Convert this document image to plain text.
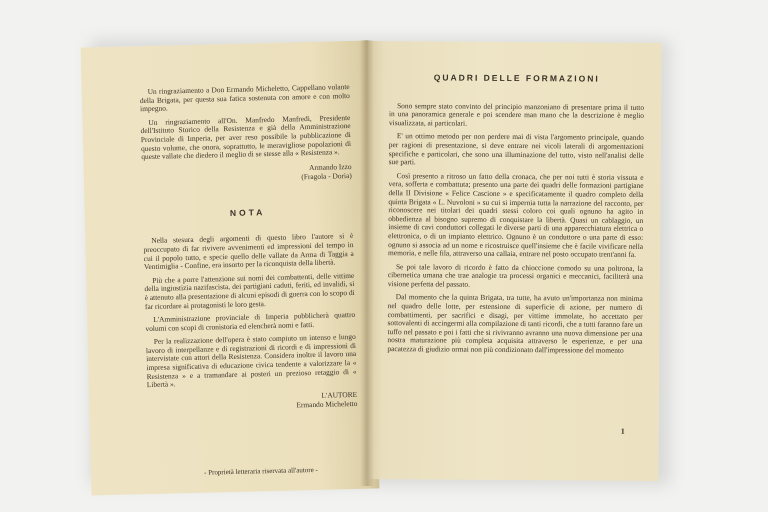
Un ringraziamento a Don Ermando Micheletto, Cappellano volante della Brigata, per questa sua fatica sostenuta con amore e con molto impegno.

Un ringraziamento all'On. Manfredo Manfredi, Presidente dell'Istituto Storico della Resistenza e già della Amministrazione Provinciale di Imperia, per aver reso possibile la pubblicazione di questo volume, che onora, soprattutto, le meravigliose popolazioni di queste vallate che diedero il meglio di se stesse alla « Resistenza ».

Armando Izzo
(Fragola - Doria)
NOTA

Nella stesura degli argomenti di questo libro l'autore si è preoccupato di far rivivere avvenimenti ed impressioni del tempo in cui il popolo tutto, e specie quello delle vallate da Arma di Taggia a Ventimiglia - Confine, era insorto per la riconquista della libertà.

Più che a porre l'attenzione sui nomi dei combattenti, delle vittime della ingiustizia nazifascista, dei partigiani caduti, feriti, ed invalidi, si è attenuto alla presentazione di alcuni episodi di guerra con lo scopo di far ricordare ai protagonisti le loro gesta.

L'Amministrazione provinciale di Imperia pubblicherà quattro volumi con scopi di cronistoria ed elencherà nomi e fatti.

Per la realizzazione dell'opera è stato compiuto un intenso e lungo lavoro di interpellanze e di registrazioni di ricordi e di impressioni di intervistate con attori della Resistenza. Considera inoltre il lavoro una impresa significativa di educazione civica tendente a valorizzare la « Resistenza » e a tramandare ai posteri un prezioso retaggio di « Libertà ».

L'AUTORE
Ermando Micheletto
- Proprietà letteraria riservata all'autore -
QUADRI DELLE FORMAZIONI

Sono sempre stato convinto del principio manzoniano di presentare prima il tutto in una panoramica generale e poi scendere man mano che la descrizione è meglio visualizzata, ai particolari.

E' un ottimo metodo per non perdere mai di vista l'argomento principale, quando per ragioni di presentazione, si deve entrare nei vicoli laterali di argomentazioni specifiche e particolari, che sono una illuminazione del tutto, visto nell'analisi delle sue parti.

Così presento a ritroso un fatto della cronaca, che per noi tutti è storia vissuta e vera, sofferta e combattuta; presento una parte dei quadri delle formazioni partigiane della II Divisione « Felice Cascione » e specificatamente il quadro completo della quinta Brigata « L. Nuvoloni » su cui si impernia tutta la narrazione del racconto, per riconoscere nei titolari dei quadri stessi coloro coi quali ognuno ha agito in obbedienza al bisogno supremo di conquistare la libertà. Quasi un cablaggio, un insieme di cavi conduttori collegati le diverse parti di una apparecchiatura elettrica o elettronica, o di un impianto elettrico. Ognuno è un conduttore o una parte di esso: ognuno si associa ad un nome e ricostruisce quell'insieme che è facile vivificare nella memoria, e nelle fila, attraverso una callaia, entrare nel posto occupato trent'anni fa.

Se poi tale lavoro di ricordo è fatto da chioccione comodo su una poltrona, la cibernetica umana che trae analogie tra processi organici e meccanici, faciliterà una visione perfetta del passato.

Dal momento che la quinta Brigata, tra tutte, ha avuto un'importanza non minima nel quadro delle lotte, per estensione di superficie di azione, per numero di combattimenti, per sacrifici e disagi, per vittime immolate, ho accettato per sottovalenti di accingermi alla compilazione di tanti ricordi, che a tutti faranno fare un tuffo nel passato e poi i fatti che si rivivranno avranno una nuova dimensione per una nostra maturazione più completa acquisita attraverso le esperienze, e per una pacatezza di giudizio ormai non più condizionato dall'impressione del momento

1
